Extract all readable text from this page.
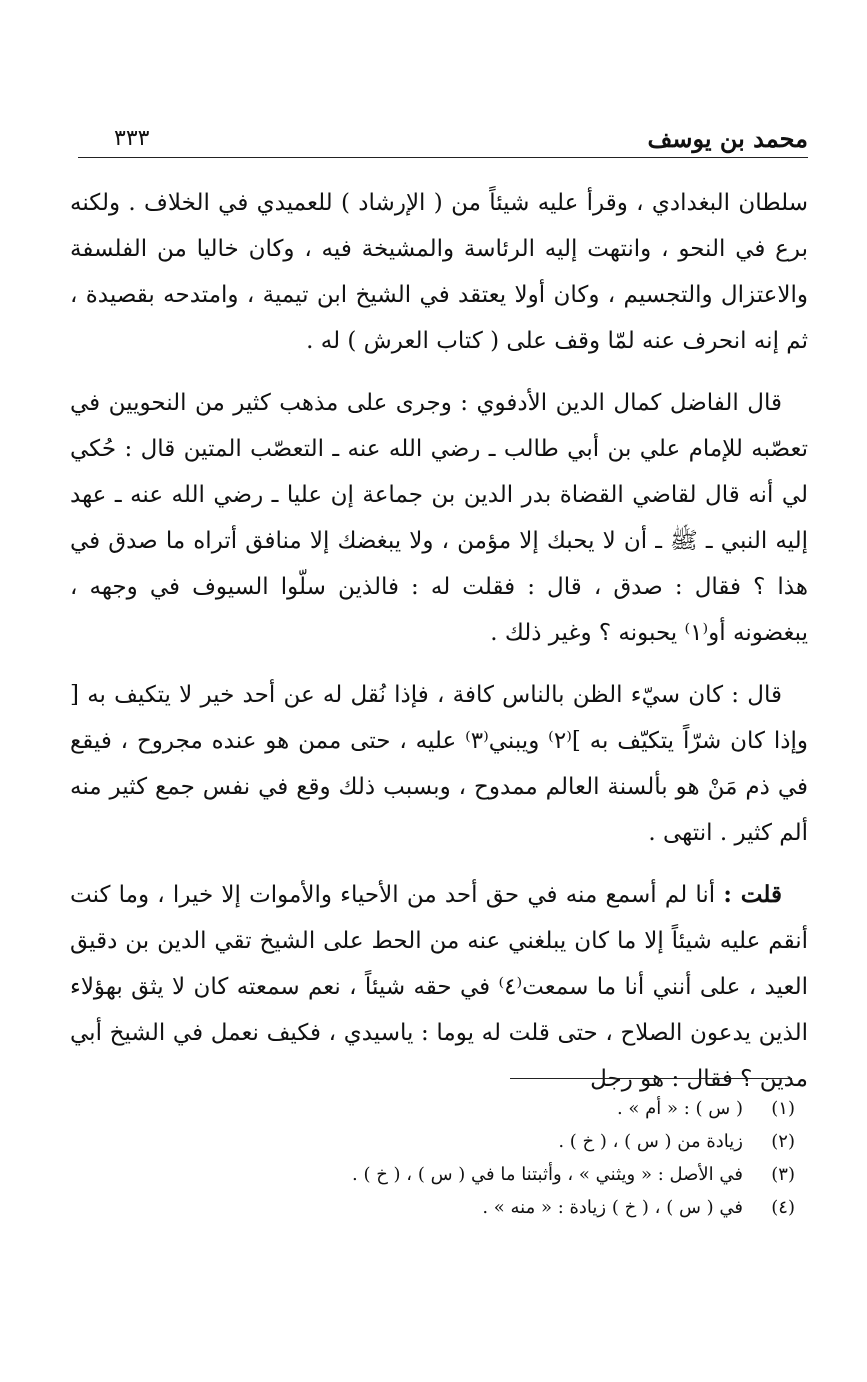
محمد بن يوسف
٣٣٣

سلطان البغدادي ، وقرأ عليه شيئاً من ( الإرشاد ) للعميدي في الخلاف . ولكنه برع في النحو ، وانتهت إليه الرئاسة والمشيخة فيه ، وكان خاليا من الفلسفة والاعتزال والتجسيم ، وكان أولا يعتقد في الشيخ ابن تيمية ، وامتدحه بقصيدة ، ثم إنه انحرف عنه لمّا وقف على ( كتاب العرش ) له .

قال الفاضل كمال الدين الأدفوي : وجرى على مذهب كثير من النحويين في تعصّبه للإمام علي بن أبي طالب ـ رضي الله عنه ـ التعصّب المتين قال : حُكي لي أنه قال لقاضي القضاة بدر الدين بن جماعة إن عليا ـ رضي الله عنه ـ عهد إليه النبي ـ ﷺ ـ أن لا يحبك إلا مؤمن ، ولا يبغضك إلا منافق أتراه ما صدق في هذا ؟ فقال : صدق ، قال : فقلت له : فالذين سلّوا السيوف في وجهه ، يبغضونه أو⁽١⁾ يحبونه ؟ وغير ذلك .

قال : كان سيّء الظن بالناس كافة ، فإذا نُقل له عن أحد خير لا يتكيف به [ وإذا كان شرّاً يتكيّف به ]⁽٢⁾ ويبني⁽٣⁾ عليه ، حتى ممن هو عنده مجروح ، فيقع في ذم مَنْ هو بألسنة العالم ممدوح ، وبسبب ذلك وقع في نفس جمع كثير منه ألم كثير . انتهى .

قلت : أنا لم أسمع منه في حق أحد من الأحياء والأموات إلا خيرا ، وما كنت أنقم عليه شيئاً إلا ما كان يبلغني عنه من الحط على الشيخ تقي الدين بن دقيق العيد ، على أنني أنا ما سمعت⁽٤⁾ في حقه شيئاً ، نعم سمعته كان لا يثق بهؤلاء الذين يدعون الصلاح ، حتى قلت له يوما : ياسيدي ، فكيف نعمل في الشيخ أبي مدين ؟ فقال : هو رجل

(١)
( س ) : « أم » .
(٢)
زيادة من ( س ) ، ( خ ) .
(٣)
في الأصل : « ويثني » ، وأثبتنا ما في ( س ) ، ( خ ) .
(٤)
في ( س ) ، ( خ ) زيادة : « منه » .
